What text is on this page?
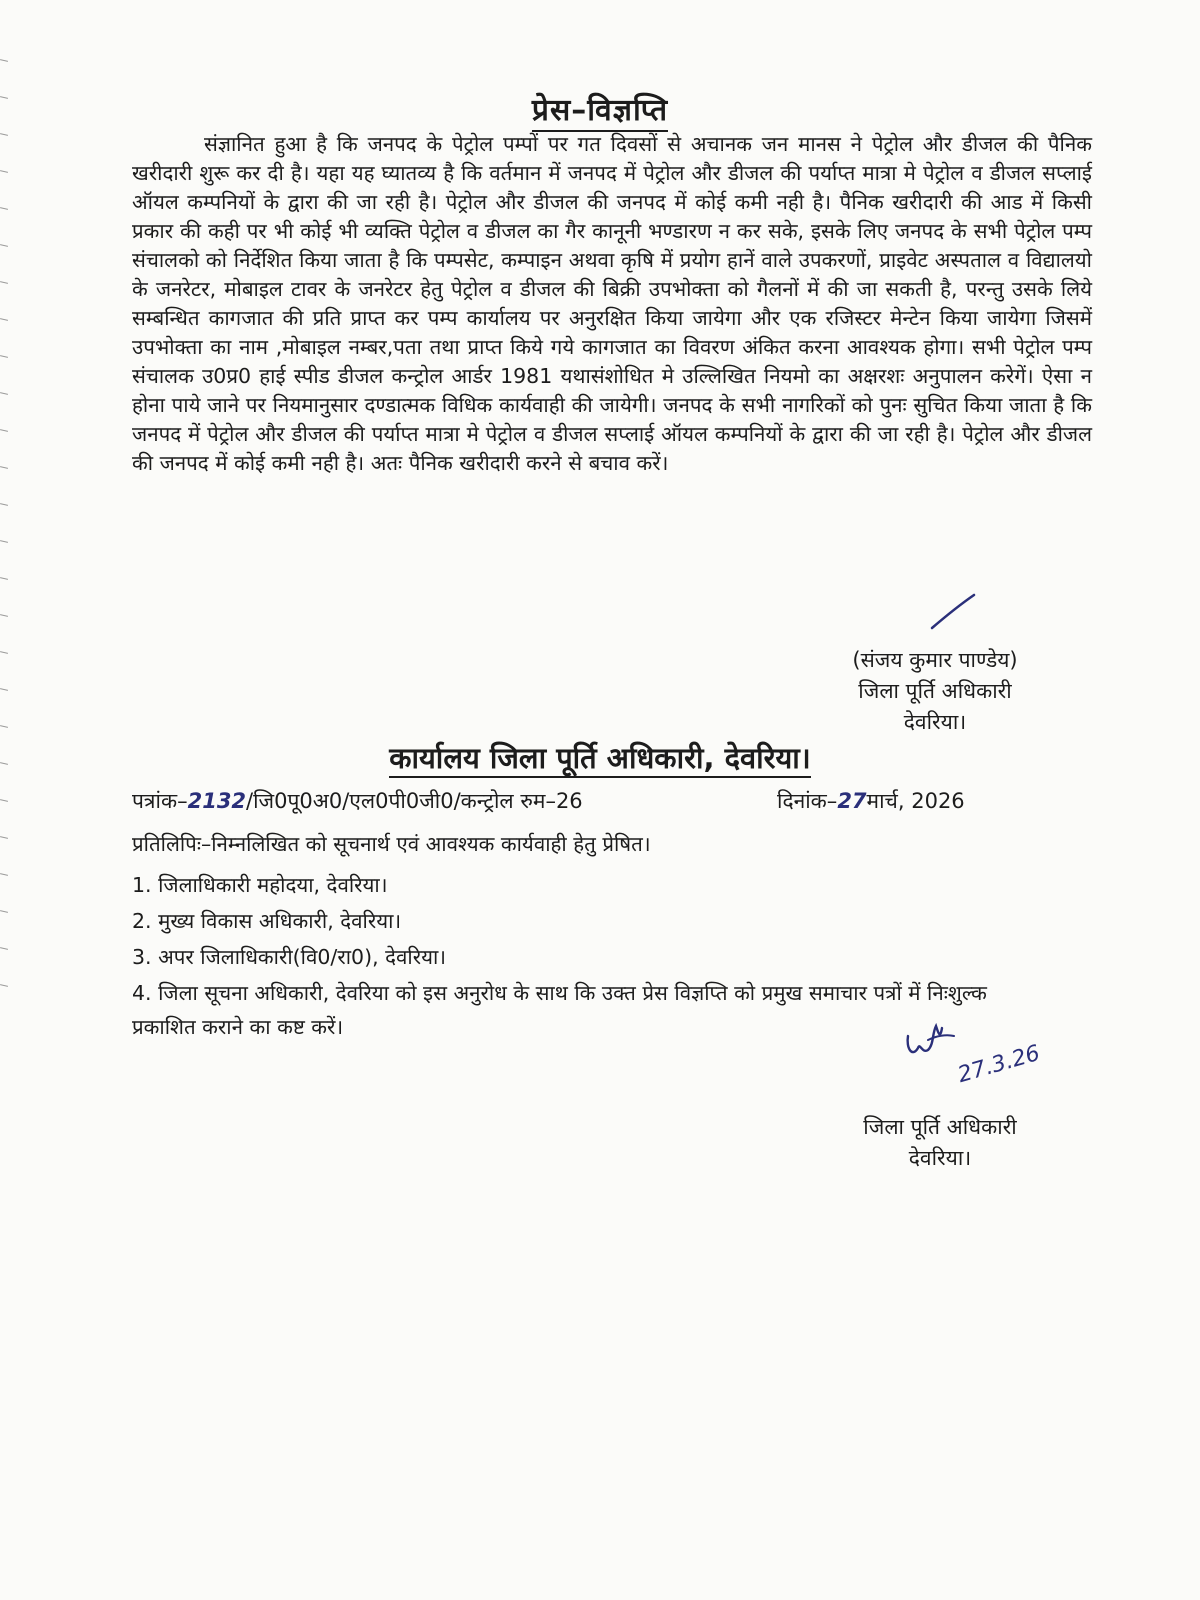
प्रेस–विज्ञप्ति

संज्ञानित हुआ है कि जनपद के पेट्रोल पम्पों पर गत दिवसों से अचानक जन मानस ने पेट्रोल और डीजल की पैनिक खरीदारी शुरू कर दी है। यहा यह घ्यातव्य है कि वर्तमान में जनपद में पेट्रोल और डीजल की पर्याप्त मात्रा मे पेट्रोल व डीजल सप्लाई ऑयल कम्पनियों के द्वारा की जा रही है। पेट्रोल और डीजल की जनपद में कोई कमी नही है। पैनिक खरीदारी की आड में किसी प्रकार की कही पर भी कोई भी व्यक्ति पेट्रोल व डीजल का गैर कानूनी भण्डारण न कर सके, इसके लिए जनपद के सभी पेट्रोल पम्प संचालको को निर्देशित किया जाता है कि पम्पसेट, कम्पाइन अथवा कृषि में प्रयोग हानें वाले उपकरणों, प्राइवेट अस्पताल व विद्यालयो के जनरेटर, मोबाइल टावर के जनरेटर हेतु पेट्रोल व डीजल की बिक्री उपभोक्ता को गैलनों में की जा सकती है, परन्तु उसके लिये सम्बन्धित कागजात की प्रति प्राप्त कर पम्प कार्यालय पर अनुरक्षित किया जायेगा और एक रजिस्टर मेन्टेन किया जायेगा जिसमें उपभोक्ता का नाम ,मोबाइल नम्बर,पता तथा प्राप्त किये गये कागजात का विवरण अंकित करना आवश्यक होगा। सभी पेट्रोल पम्प संचालक उ0प्र0 हाई स्पीड डीजल कन्ट्रोल आर्डर 1981 यथासंशोधित मे उल्लिखित नियमो का अक्षरशः अनुपालन करेगें। ऐसा न होना पाये जाने पर नियमानुसार दण्डात्मक विधिक कार्यवाही की जायेगी। जनपद के सभी नागरिकों को पुनः सुचित किया जाता है कि जनपद में पेट्रोल और डीजल की पर्याप्त मात्रा मे पेट्रोल व डीजल सप्लाई ऑयल कम्पनियों के द्वारा की जा रही है। पेट्रोल और डीजल की जनपद में कोई कमी नही है। अतः पैनिक खरीदारी करने से बचाव करें।

(संजय कुमार पाण्डेय)
जिला पूर्ति अधिकारी
देवरिया।
कार्यालय जिला पूर्ति अधिकारी, देवरिया।
पत्रांक–2132/जि0पू0अ0/एल0पी0जी0/कन्ट्रोल रुम–26	दिनांक–27मार्च, 2026
प्रतिलिपिः–निम्नलिखित को सूचनार्थ एवं आवश्यक कार्यवाही हेतु प्रेषित।
1. जिलाधिकारी महोदया, देवरिया।
2. मुख्य विकास अधिकारी, देवरिया।
3. अपर जिलाधिकारी(वि0/रा0), देवरिया।
4. जिला सूचना अधिकारी, देवरिया को इस अनुरोध के साथ कि उक्त प्रेस विज्ञप्ति को प्रमुख समाचार पत्रों में निःशुल्क प्रकाशित कराने का कष्ट करें।
27.3.26
जिला पूर्ति अधिकारी
देवरिया।
